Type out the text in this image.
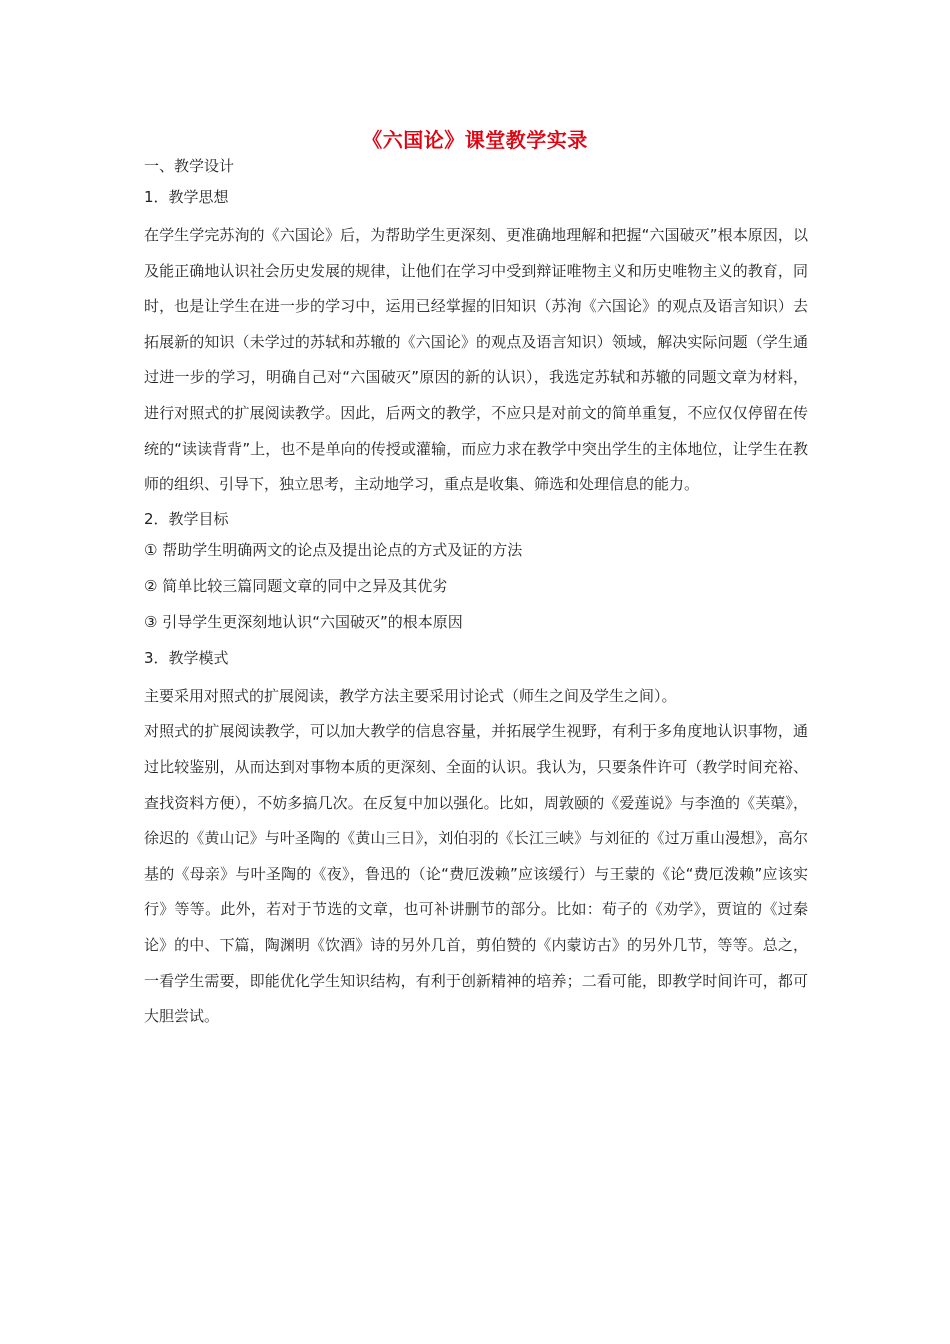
《六国论》课堂教学实录

一、教学设计

1．教学思想

在学生学完苏洵的《六国论》后，为帮助学生更深刻、更准确地理解和把握“六国破灭”根本原因，以及能正确地认识社会历史发展的规律，让他们在学习中受到辩证唯物主义和历史唯物主义的教育，同时，也是让学生在进一步的学习中，运用已经掌握的旧知识（苏洵《六国论》的观点及语言知识）去拓展新的知识（未学过的苏轼和苏辙的《六国论》的观点及语言知识）领域，解决实际问题（学生通过进一步的学习，明确自己对“六国破灭”原因的新的认识），我选定苏轼和苏辙的同题文章为材料，进行对照式的扩展阅读教学。因此，后两文的教学，不应只是对前文的简单重复，不应仅仅停留在传统的“读读背背”上，也不是单向的传授或灌输，而应力求在教学中突出学生的主体地位，让学生在教师的组织、引导下，独立思考，主动地学习，重点是收集、筛选和处理信息的能力。

2．教学目标

① 帮助学生明确两文的论点及提出论点的方式及证的方法

② 简单比较三篇同题文章的同中之异及其优劣

③ 引导学生更深刻地认识“六国破灭”的根本原因

3．教学模式

主要采用对照式的扩展阅读，教学方法主要采用讨论式（师生之间及学生之间）。

对照式的扩展阅读教学，可以加大教学的信息容量，并拓展学生视野，有利于多角度地认识事物，通过比较鉴别，从而达到对事物本质的更深刻、全面的认识。我认为，只要条件许可（教学时间充裕、查找资料方便），不妨多搞几次。在反复中加以强化。比如，周敦颐的《爱莲说》与李渔的《芙蕖》，徐迟的《黄山记》与叶圣陶的《黄山三日》，刘伯羽的《长江三峡》与刘征的《过万重山漫想》，高尔基的《母亲》与叶圣陶的《夜》，鲁迅的（论“费厄泼赖”应该缓行）与王蒙的《论“费厄泼赖”应该实行》等等。此外，若对于节选的文章，也可补讲删节的部分。比如：荀子的《劝学》，贾谊的《过秦论》的中、下篇，陶渊明《饮酒》诗的另外几首，剪伯赞的《内蒙访古》的另外几节，等等。总之，一看学生需要，即能优化学生知识结构，有利于创新精神的培养；二看可能，即教学时间许可，都可大胆尝试。
